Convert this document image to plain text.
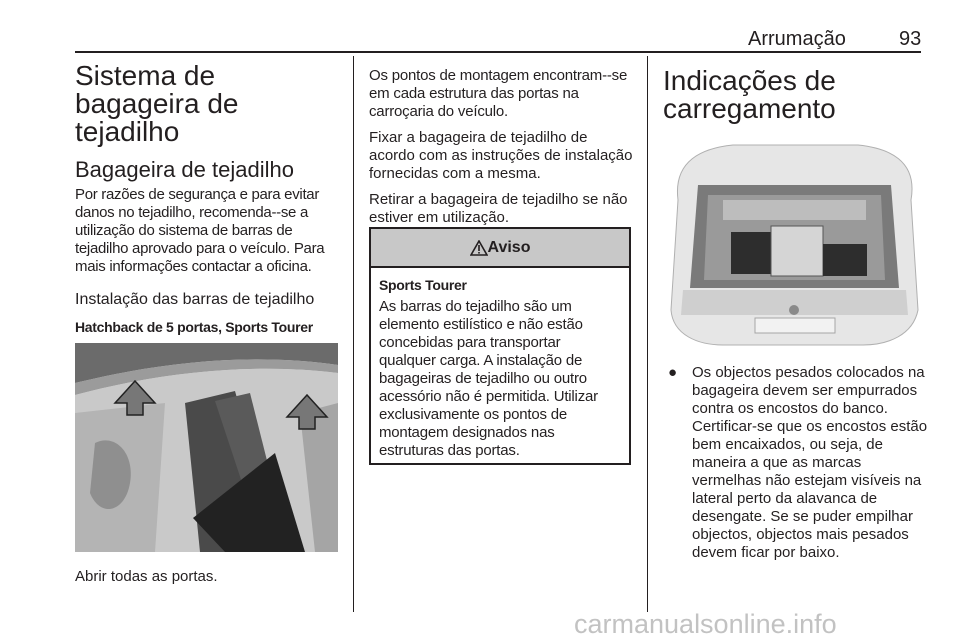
Arrumação	93
Sistema de bagageira de tejadilho
Bagageira de tejadilho

Por razões de segurança e para evitar danos no tejadilho, recomenda--se a utilização do sistema de barras de tejadilho aprovado para o veículo. Para mais informações contactar a oficina.

Instalação das barras de tejadilho
Hatchback de 5 portas, Sports Tourer

Abrir todas as portas.

Os pontos de montagem encontram--se em cada estrutura das portas na carroçaria do veículo.

Fixar a bagageira de tejadilho de acordo com as instruções de instalação fornecidas com a mesma.

Retirar a bagageira de tejadilho se não estiver em utilização.

Aviso
Sports Tourer

As barras do tejadilho são um elemento estilístico e não estão concebidas para transportar qualquer carga. A instalação de bagageiras de tejadilho ou outro acessório não é permitida. Utilizar exclusivamente os pontos de montagem designados nas estruturas das portas.

Indicações de carregamento
● Os objectos pesados colocados na bagageira devem ser empurrados contra os encostos do banco. Certificar-se que os encostos estão bem encaixados, ou seja, de maneira a que as marcas vermelhas não estejam visíveis na lateral perto da alavanca de desengate. Se se puder empilhar objectos, objectos mais pesados devem ficar por baixo.

carmanualsonline.info
